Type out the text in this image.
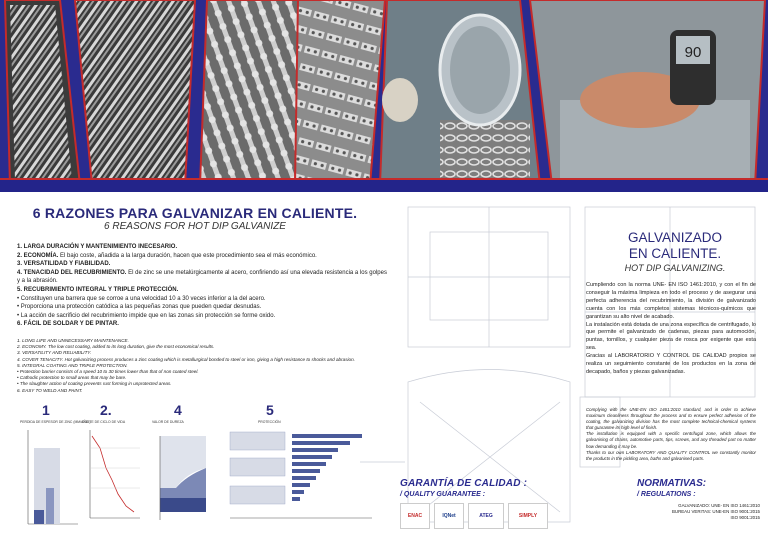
90
6 RAZONES PARA GALVANIZAR EN CALIENTE.
6 REASONS FOR HOT DIP GALVANIZE

1. LARGA DURACIÓN Y MANTENIMIENTO INECESARIO.

2. ECONOMÍA. El bajo coste, añadida a la larga duración, hacen que este procedimiento sea el más económico.

3. VERSATILIDAD Y FIABILIDAD.

4. TENACIDAD DEL RECUBRIMIENTO. El de zinc se une metalúrgicamente al acero, confiriendo así una elevada resistencia a los golpes y a la abrasión.

5. RECUBRIMIENTO INTEGRAL Y TRIPLE PROTECCIÓN.

• Constituyen una barrera que se corroe a una velocidad 10 a 30 veces inferior a la del acero.

• Proporciona una protección catódica a las pequeñas zonas que pueden quedar desnudas.

• La acción de sacrificio del recubrimiento impide que en las zonas sin protección se forme oxido.

6. FÁCIL DE SOLDAR Y DE PINTAR.

1. LONG LIFE AND UNNECESSARY MAINTENANCE.

2. ECONOMY. The low cost coating, added to its long duration, give the most economical results.

3. VERSATILITY AND RELIABILITY.

4. COVER TENACITY. Hot galvanizing process produces a zinc coating which is metallurgical bonded to steel or iron, giving a high resistance to shocks and abrasion.

5. INTEGRAL COATING AND TRIPLE PROTECTION.

• Protection barrier consists of a speed 10 to 30 times lower than that of non coated steel.

• Cathodic protection to small areas that may be bare.

• The slaughter action of coating prevents rust forming in unprotected areas.

6. EASY TO WELD AND PAINT.

1
PERDIDA DE ESPESOR DE ZINC (ΜM/AÑO.)
2.
COSTE DE CICLO DE VIDA
4
VALOR DE DUREZA
5
PROTECCIÓN
GALVANIZADO
EN CALIENTE.
HOT DIP GALVANIZING.

Cumpliendo con la norma UNE- EN ISO 1461:2010, y con el fin de conseguir la máxima limpieza en todo el proceso y de asegurar una perfecta adherencia del recubrimiento, la división de galvanizado cuenta con los más completos sistemas técnicos-químicos que garantizan su alto nivel de acabado.

La instalación está dotada de una zona específica de centrifugado, lo que permite el galvanizado de cadenas, piezas para automoción, puntas, tornillos, y cualquier pieza de rosca por exigente que esta sea.

Gracias al LABORATORIO Y CONTROL DE CALIDAD propios se realiza un seguimiento constante de los productos en la zona de decapado, baños y piezas galvanizadas.

Complying with the UNE-EN ISO 1461:2010 standard, and in order to achieve maximum cleanliness throughout the process and to ensure perfect adhesion of the coating, the galvanizing division has the most complete technical-chemical systems that guarantee its high level of finish.

The installation is equipped with a specific centrifugal zone, which allows the galvanising of chains, automotive parts, tips, screws, and any threaded part no matter how demanding it may be.

Thanks to our own LABORATORY AND QUALITY CONTROL we constantly monitor the products in the pickling area, baths and galvanised parts.

GARANTÍA DE CALIDAD :
/ QUALITY GUARANTEE :
ENAC	IQNet	ATEG	SIMPLY
NORMATIVAS:
/ REGULATIONS :
GALVANIZADO: UNE- EN ISO 1461:2010
BUREAU VERITAS: UNE-EN ISO 9001:2015
ISO 9001:2015
